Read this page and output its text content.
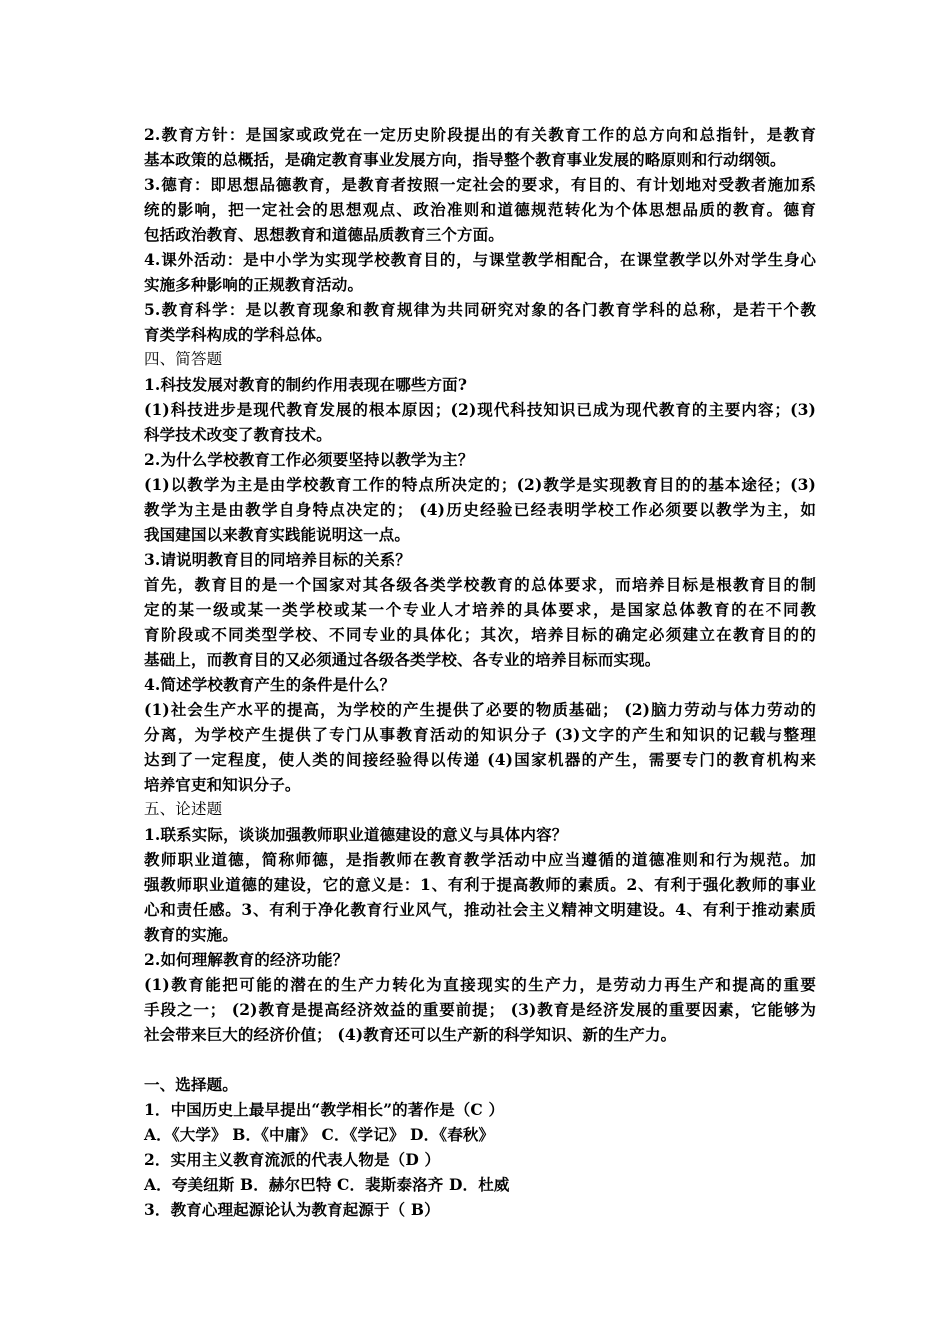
2.教育方针：是国家或政党在一定历史阶段提出的有关教育工作的总方向和总指针，是教育
基本政策的总概括，是确定教育事业发展方向，指导整个教育事业发展的略原则和行动纲领。
3.德育：即思想品德教育，是教育者按照一定社会的要求，有目的、有计划地对受教者施加系
统的影响，把一定社会的思想观点、政治准则和道德规范转化为个体思想品质的教育。德育
包括政治教育、思想教育和道德品质教育三个方面。
4.课外活动：是中小学为实现学校教育目的，与课堂教学相配合，在课堂教学以外对学生身心
实施多种影响的正规教育活动。
5.教育科学：是以教育现象和教育规律为共同研究对象的各门教育学科的总称，是若干个教
育类学科构成的学科总体。
四、简答题
1.科技发展对教育的制约作用表现在哪些方面?
(1)科技进步是现代教育发展的根本原因；(2)现代科技知识已成为现代教育的主要内容；(3)
科学技术改变了教育技术。
2.为什么学校教育工作必须要坚持以教学为主？
(1)以教学为主是由学校教育工作的特点所决定的；(2)教学是实现教育目的的基本途径；(3)
教学为主是由教学自身特点决定的； (4)历史经验已经表明学校工作必须要以教学为主，如
我国建国以来教育实践能说明这一点。
3.请说明教育目的同培养目标的关系？
首先，教育目的是一个国家对其各级各类学校教育的总体要求，而培养目标是根教育目的制
定的某一级或某一类学校或某一个专业人才培养的具体要求，是国家总体教育的在不同教
育阶段或不同类型学校、不同专业的具体化；其次，培养目标的确定必须建立在教育目的的
基础上，而教育目的又必须通过各级各类学校、各专业的培养目标而实现。
4.简述学校教育产生的条件是什么？
(1)社会生产水平的提高，为学校的产生提供了必要的物质基础； (2)脑力劳动与体力劳动的
分离，为学校产生提供了专门从事教育活动的知识分子 (3)文字的产生和知识的记载与整理
达到了一定程度，使人类的间接经验得以传递 (4)国家机器的产生，需要专门的教育机构来
培养官吏和知识分子。
五、论述题
1.联系实际，谈谈加强教师职业道德建设的意义与具体内容？
教师职业道德，简称师德，是指教师在教育教学活动中应当遵循的道德准则和行为规范。加
强教师职业道德的建设，它的意义是：1、有利于提高教师的素质。2、有利于强化教师的事业
心和责任感。3、有利于净化教育行业风气，推动社会主义精神文明建设。4、有利于推动素质
教育的实施。
2.如何理解教育的经济功能？
(1)教育能把可能的潜在的生产力转化为直接现实的生产力，是劳动力再生产和提高的重要
手段之一； (2)教育是提高经济效益的重要前提； (3)教育是经济发展的重要因素，它能够为
社会带来巨大的经济价值； (4)教育还可以生产新的科学知识、新的生产力。
一、选择题。
1．中国历史上最早提出“教学相长”的著作是（C ）
A．《大学》 B．《中庸》 C．《学记》 D．《春秋》
2．实用主义教育流派的代表人物是（D ）
A．夸美纽斯 B．赫尔巴特 C．裴斯泰洛齐 D．杜威
3．教育心理起源论认为教育起源于（ B）
